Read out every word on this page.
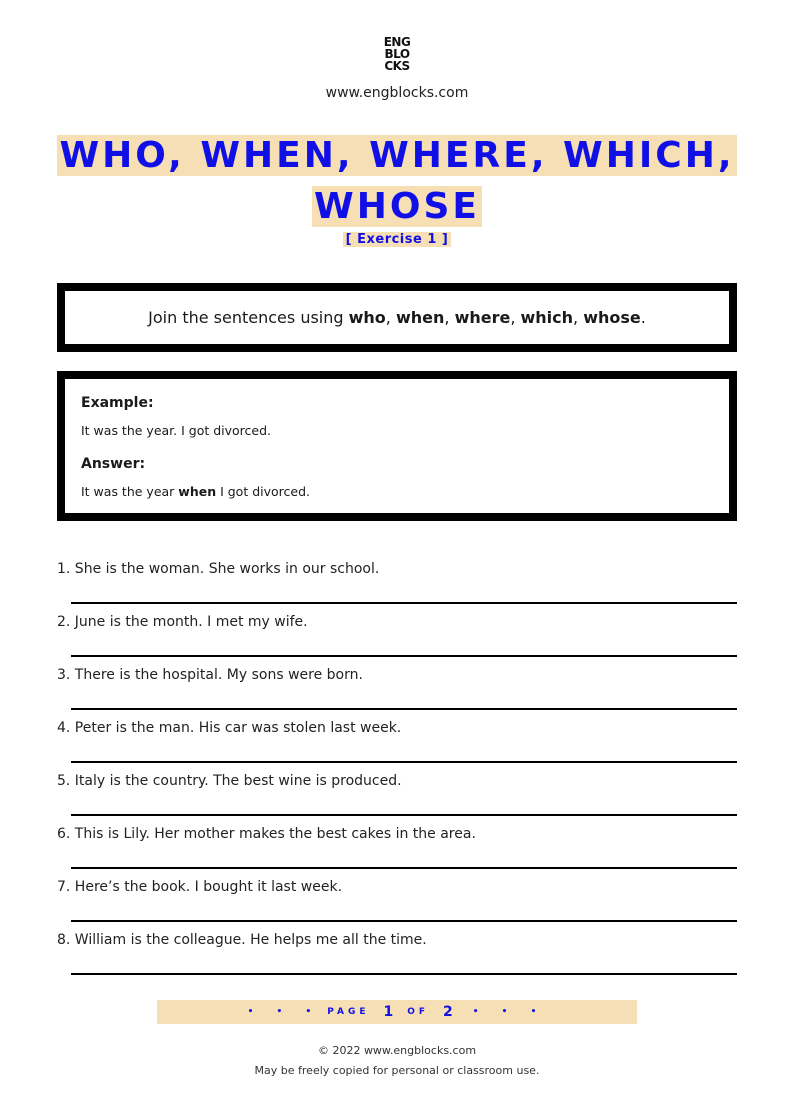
ENG
BLO
CKS
www.engblocks.com
WHO, WHEN, WHERE, WHICH,
WHOSE
[ Exercise 1 ]
Join the sentences using who, when, where, which, whose.
Example:
It was the year. I got divorced.
Answer:
It was the year when I got divorced.
1. She is the woman. She works in our school.
2. June is the month. I met my wife.
3. There is the hospital. My sons were born.
4. Peter is the man. His car was stolen last week.
5. Italy is the country. The best wine is produced.
6. This is Lily. Her mother makes the best cakes in the area.
7. Here’s the book. I bought it last week.
8. William is the colleague. He helps me all the time.
• • • PAGE 1 OF 2 • • •
© 2022 www.engblocks.com
May be freely copied for personal or classroom use.
